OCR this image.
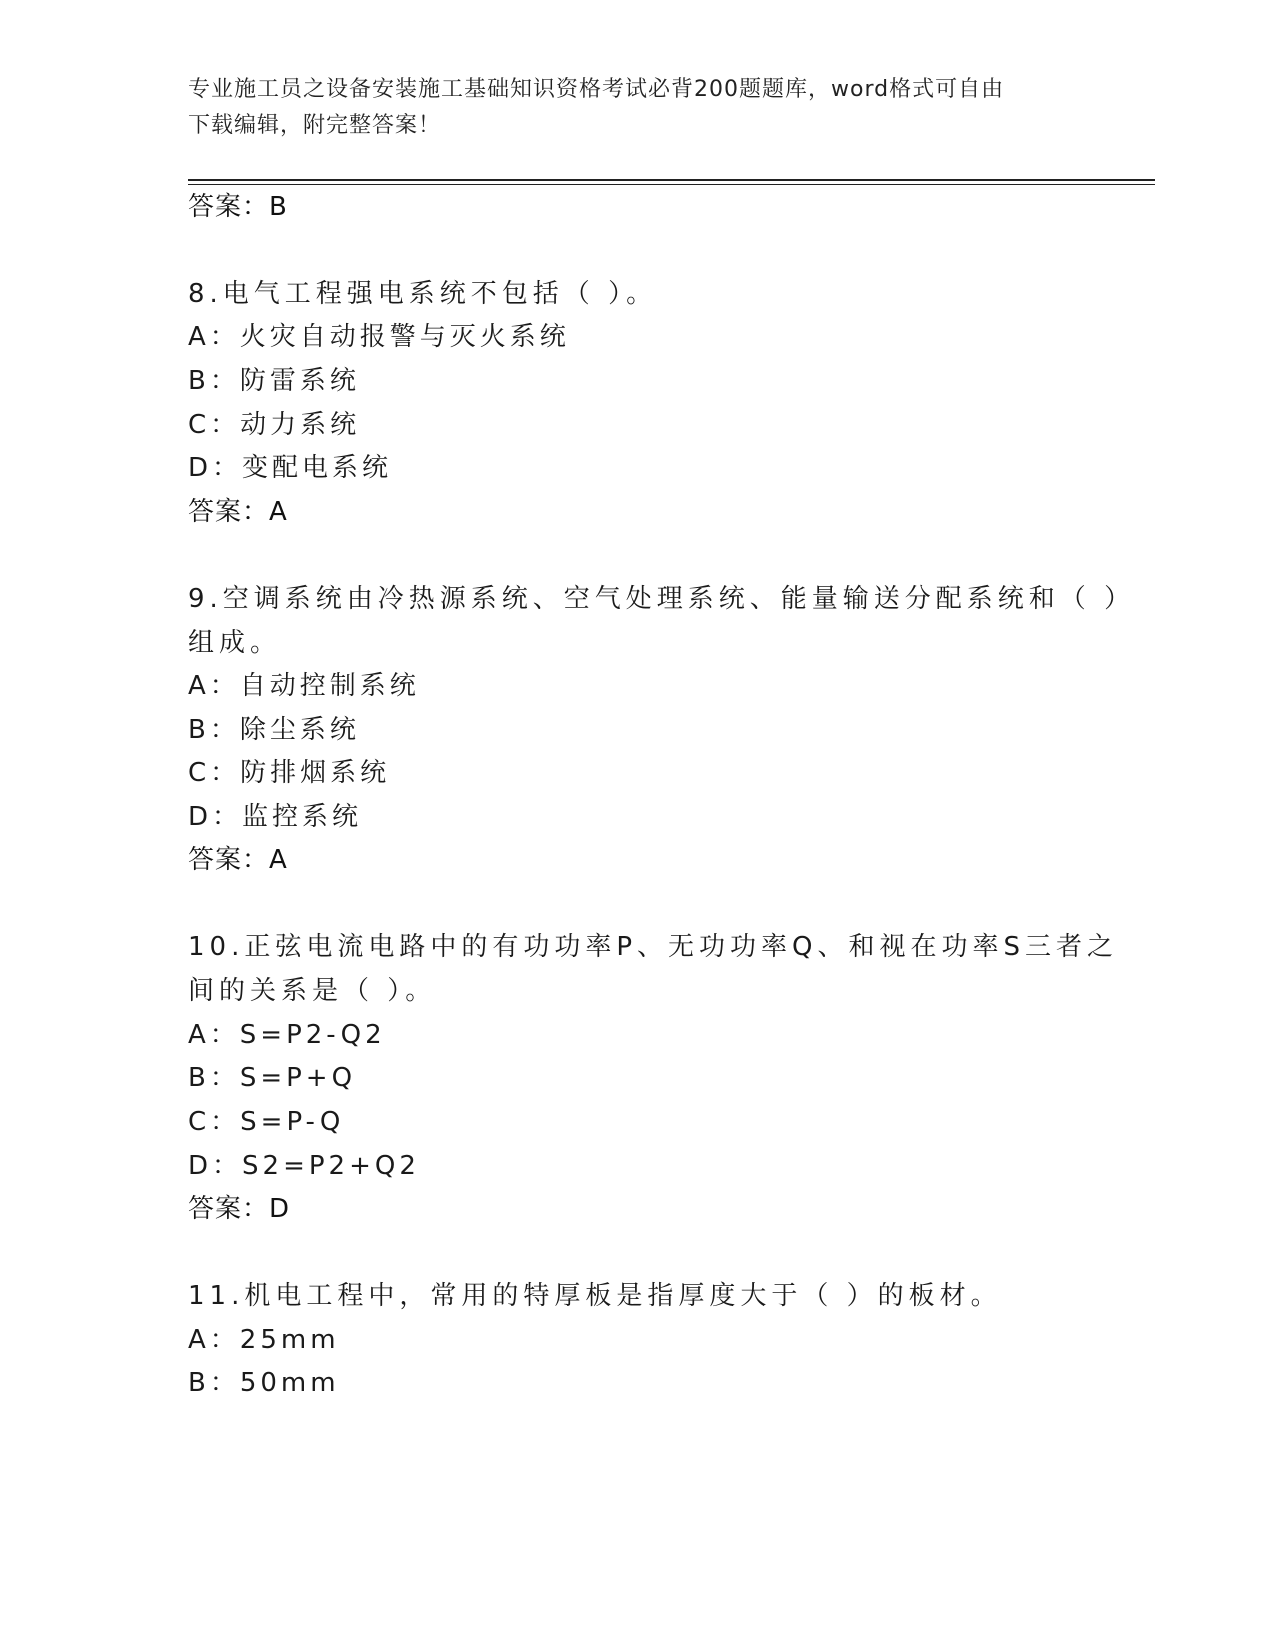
专业施工员之设备安装施工基础知识资格考试必背200题题库，word格式可自由
下载编辑，附完整答案！
答案：B
8.电气工程强电系统不包括（ ）。
A：火灾自动报警与灭火系统
B：防雷系统
C：动力系统
D：变配电系统
答案：A
9.空调系统由冷热源系统、空气处理系统、能量输送分配系统和（ ）
组成。
A：自动控制系统
B：除尘系统
C：防排烟系统
D：监控系统
答案：A
10.正弦电流电路中的有功功率P、无功功率Q、和视在功率S三者之
间的关系是（ ）。
A：S=P2-Q2
B：S=P+Q
C：S=P-Q
D：S2=P2+Q2
答案：D
11.机电工程中，常用的特厚板是指厚度大于（ ）的板材。
A：25mm
B：50mm
